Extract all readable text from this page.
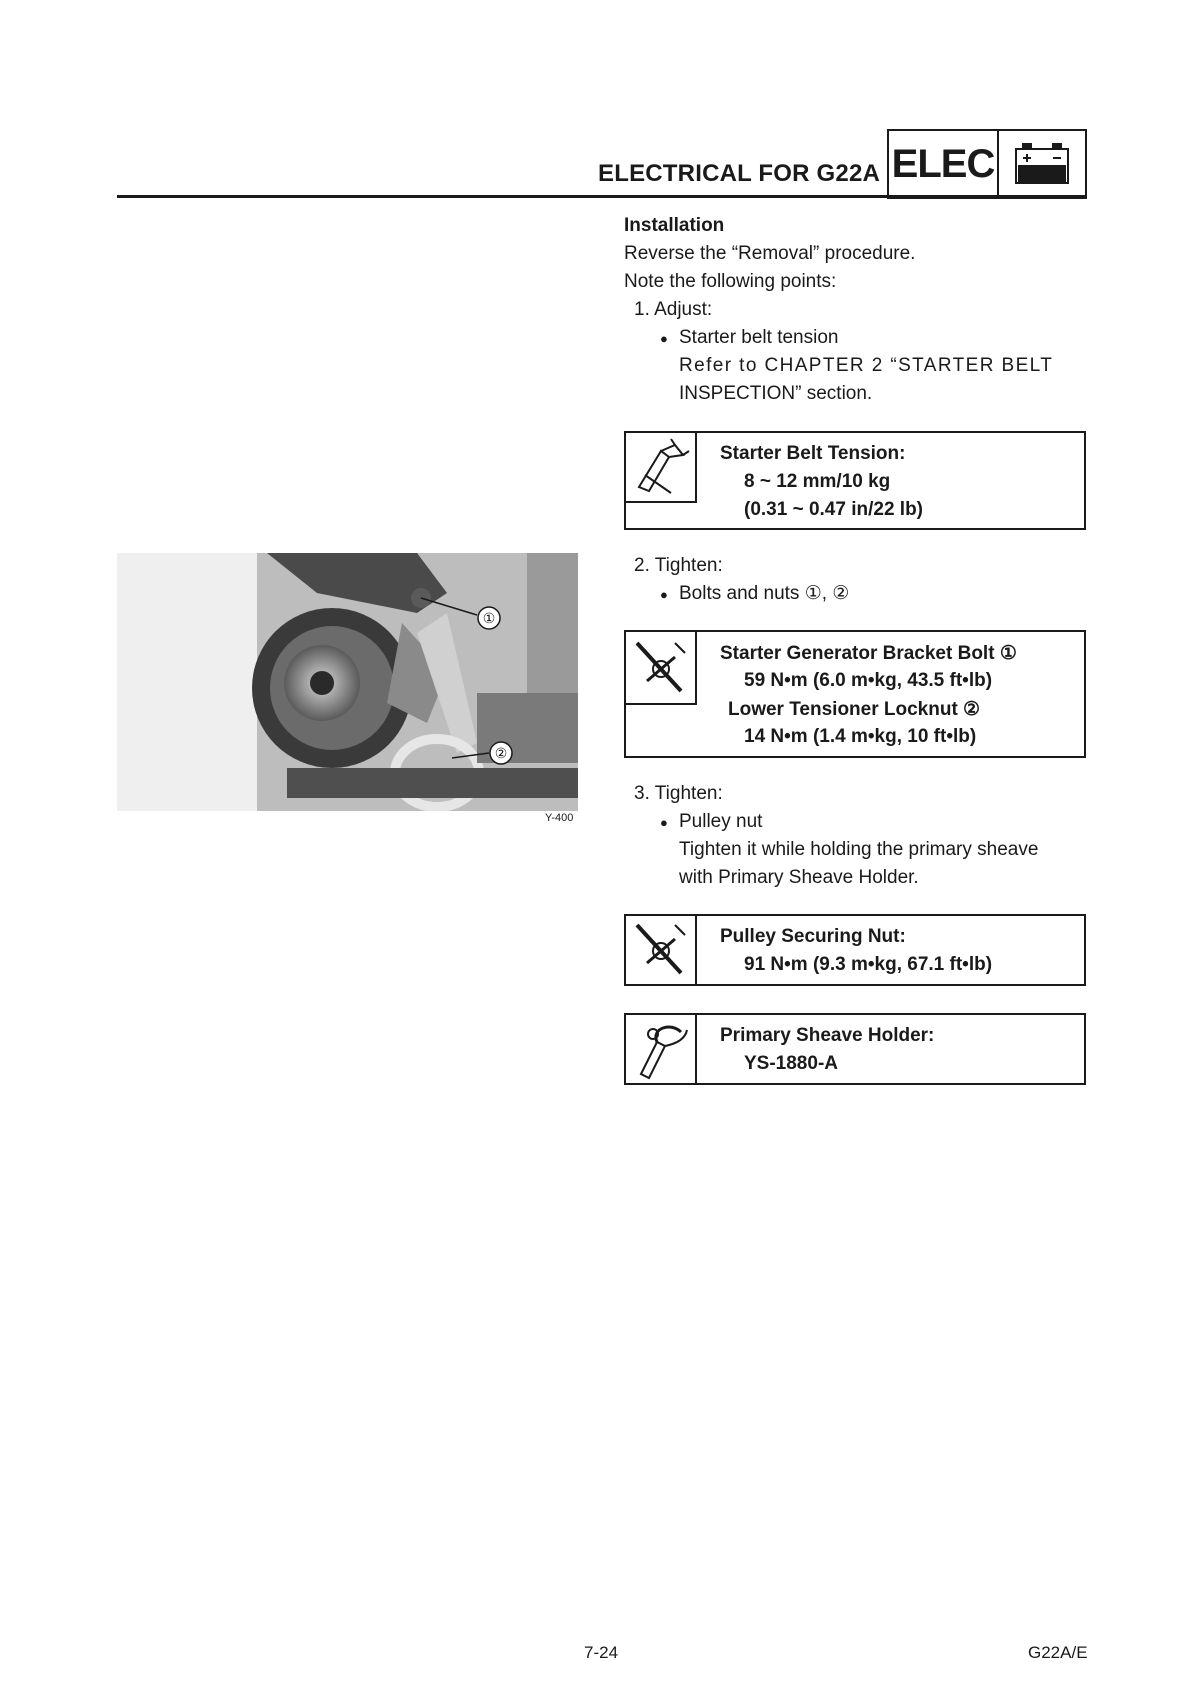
ELECTRICAL FOR G22A ELEC
①
②
Y-400
Installation
Reverse the “Removal” procedure.
Note the following points:
1. Adjust:
● Starter belt tension
Refer to CHAPTER 2 “STARTER BELT
INSPECTION” section.
Starter Belt Tension:
8 ~ 12 mm/10 kg
(0.31 ~ 0.47 in/22 lb)
2. Tighten:
● Bolts and nuts ①, ②
Starter Generator Bracket Bolt ①
59 N•m (6.0 m•kg, 43.5 ft•lb)
Lower Tensioner Locknut ②
14 N•m (1.4 m•kg, 10 ft•lb)
3. Tighten:
● Pulley nut
Tighten it while holding the primary sheave
with Primary Sheave Holder.
Pulley Securing Nut:
91 N•m (9.3 m•kg, 67.1 ft•lb)
Primary Sheave Holder:
YS-1880-A
7-24	G22A/E
